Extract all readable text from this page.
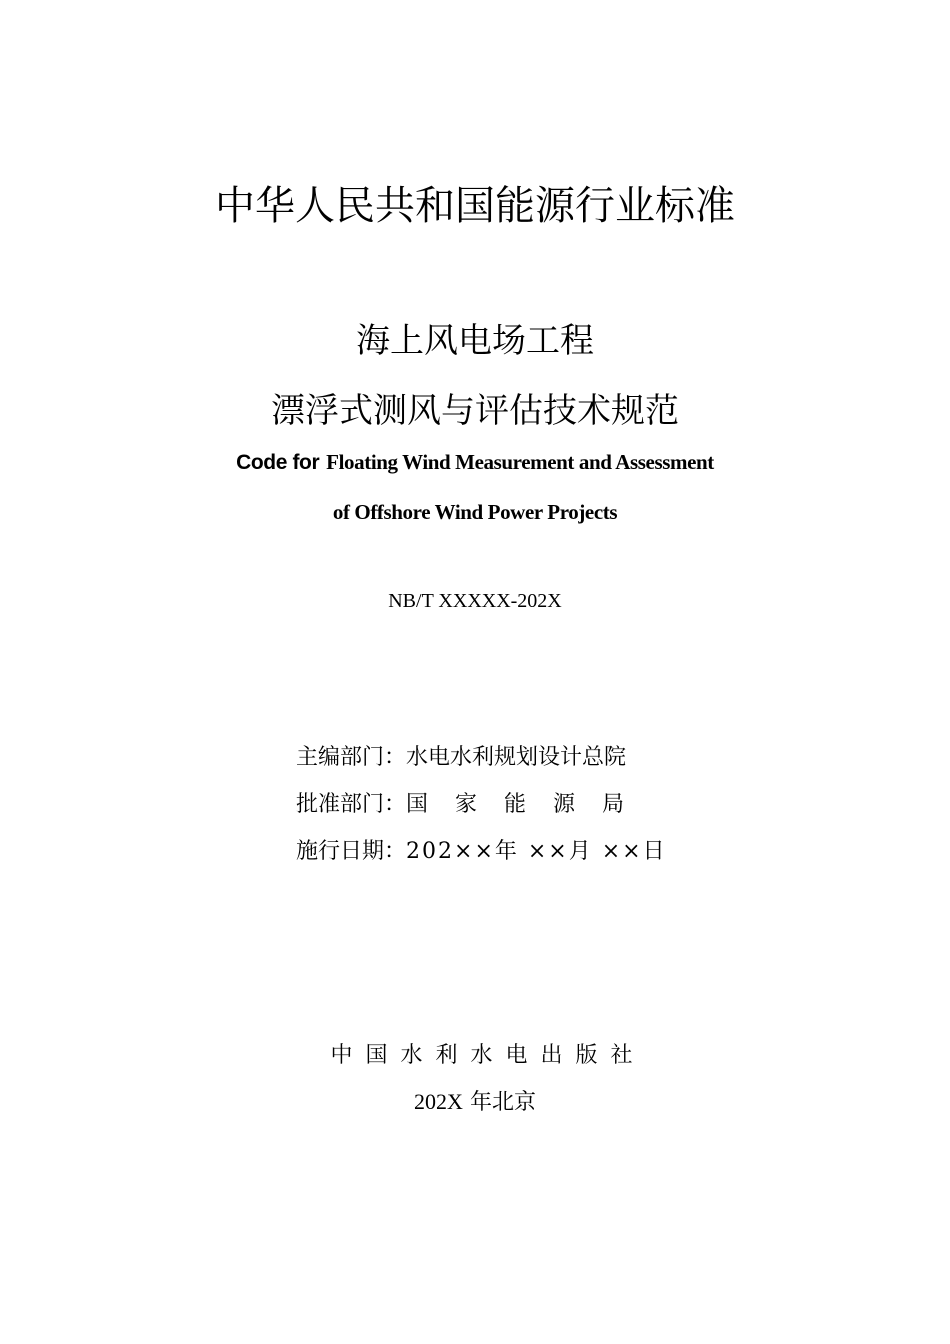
中华人民共和国能源行业标准
海上风电场工程
漂浮式测风与评估技术规范
Code for Floating Wind Measurement and Assessment
of Offshore Wind Power Projects
NB/T XXXXX-202X
主编部门：水电水利规划设计总院
批准部门：国家能源局
施行日期：202××年 ××月 ××日
中国水利水电出版社
202X 年北京
